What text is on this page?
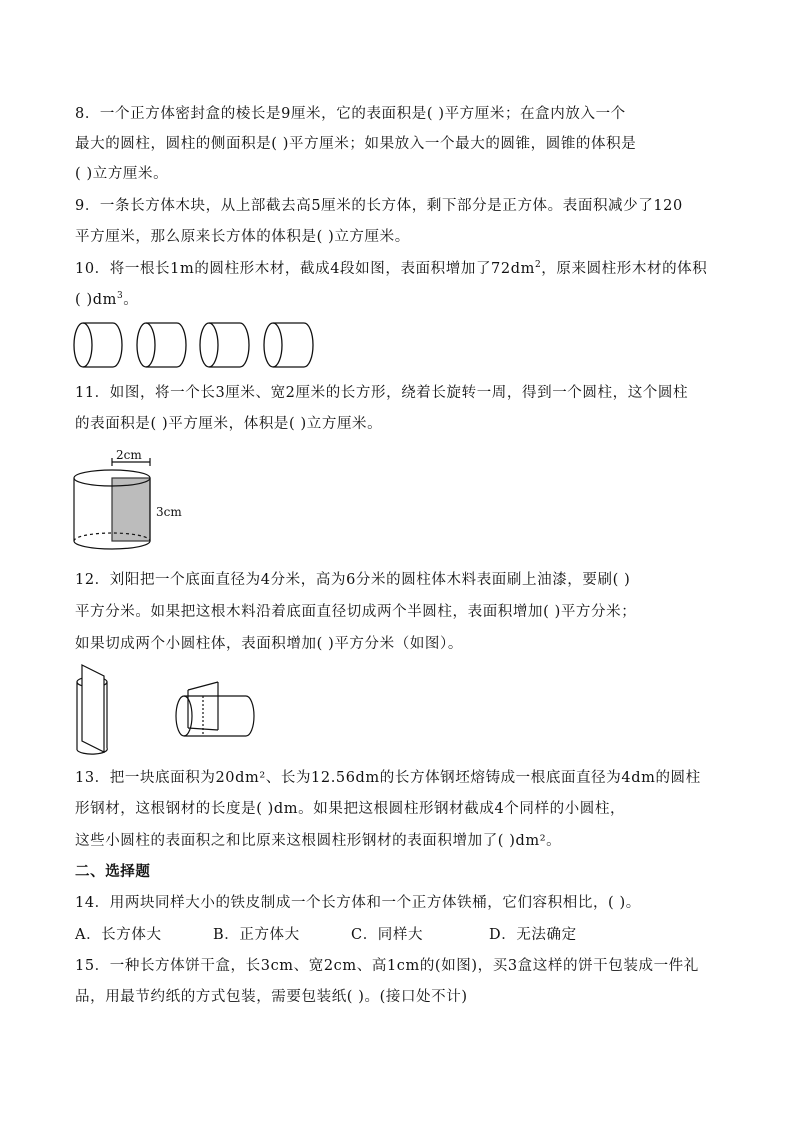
8．一个正方体密封盒的棱长是9厘米，它的表面积是( )平方厘米；在盒内放入一个
最大的圆柱，圆柱的侧面积是( )平方厘米；如果放入一个最大的圆锥，圆锥的体积是
( )立方厘米。
9．一条长方体木块，从上部截去高5厘米的长方体，剩下部分是正方体。表面积减少了120
平方厘米，那么原来长方体的体积是( )立方厘米。
10．将一根长1m的圆柱形木材，截成4段如图，表面积增加了$72dm^2$，原来圆柱形木材的体积
( )$dm^3$。
11．如图，将一个长3厘米、宽2厘米的长方形，绕着长旋转一周，得到一个圆柱，这个圆柱
的表面积是( )平方厘米，体积是( )立方厘米。
2cm
3cm
12．刘阳把一个底面直径为4分米，高为6分米的圆柱体木料表面刷上油漆，要刷( )
平方分米。如果把这根木料沿着底面直径切成两个半圆柱，表面积增加( )平方分米；
如果切成两个小圆柱体，表面积增加( )平方分米（如图）。
13．把一块底面积为20dm²、长为12.56dm的长方体钢坯熔铸成一根底面直径为4dm的圆柱
形钢材，这根钢材的长度是( )dm。如果把这根圆柱形钢材截成4个同样的小圆柱，
这些小圆柱的表面积之和比原来这根圆柱形钢材的表面积增加了( )dm²。
二、选择题
14．用两块同样大小的铁皮制成一个长方体和一个正方体铁桶，它们容积相比，( )。
A．长方体大	B．正方体大	C．同样大	D．无法确定
15．一种长方体饼干盒，长3cm、宽2cm、高1cm的(如图)，买3盒这样的饼干包装成一件礼
品，用最节约纸的方式包装，需要包装纸( )。(接口处不计)
